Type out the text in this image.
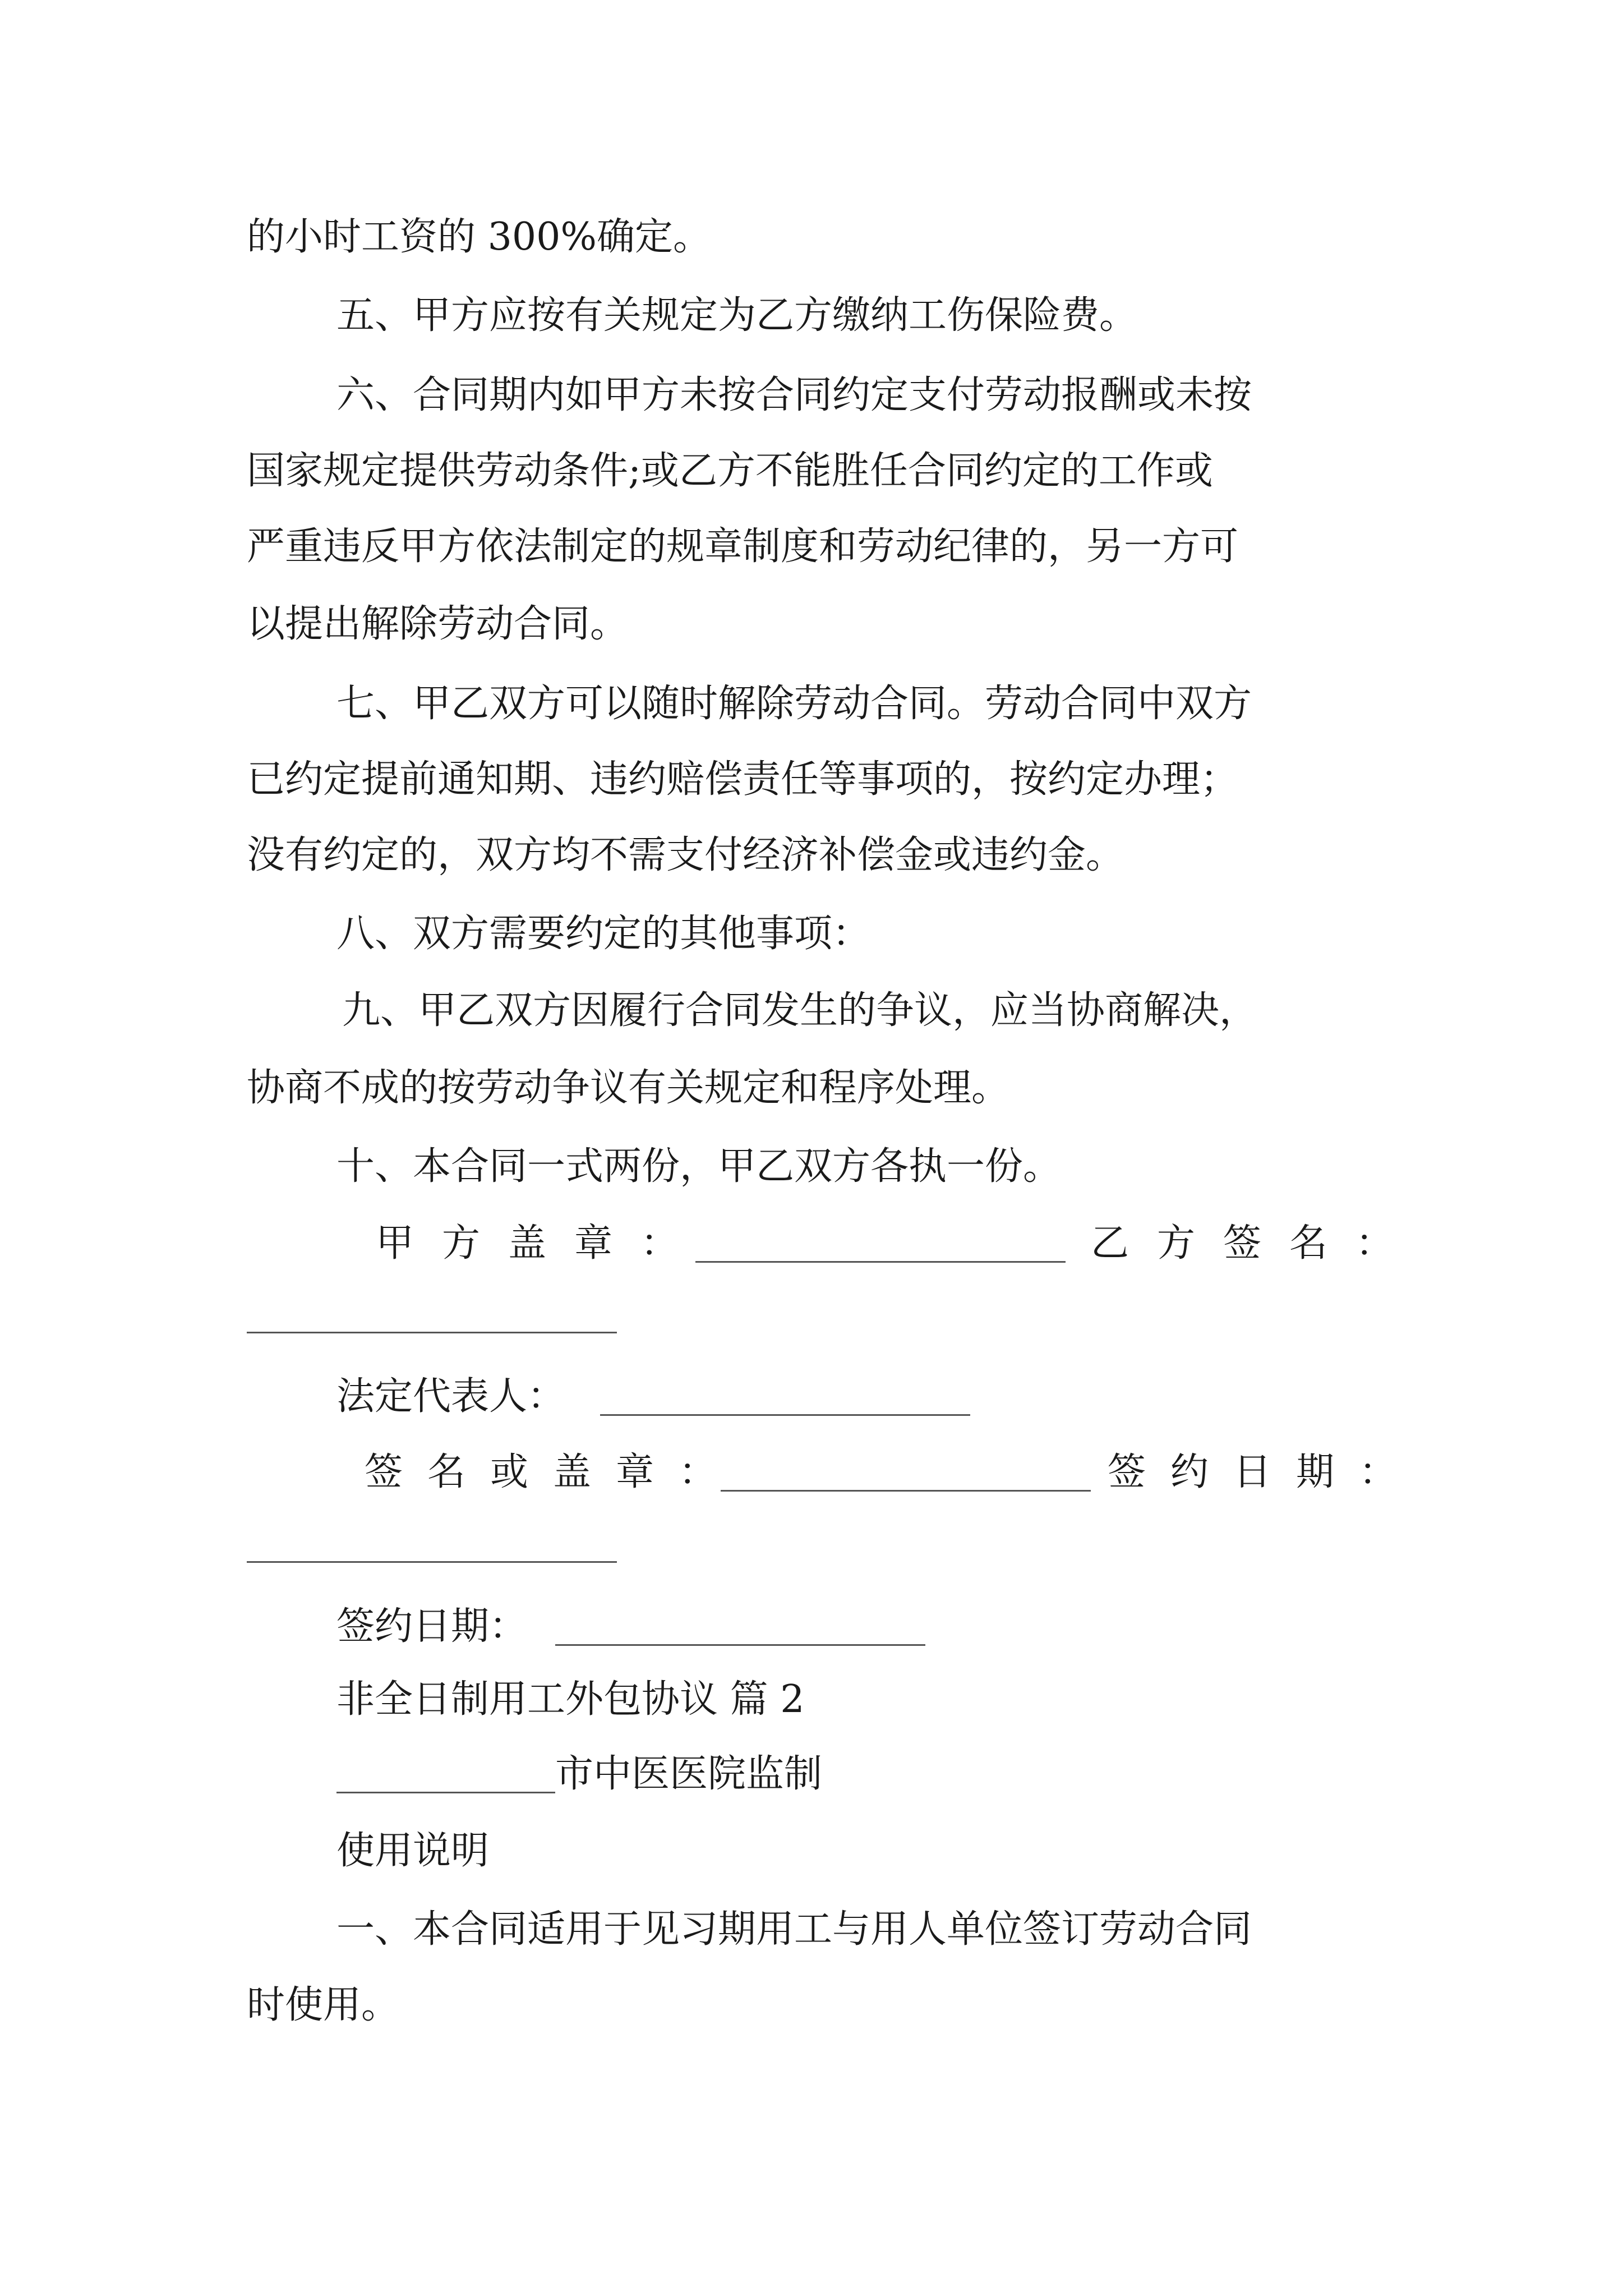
的小时工资的 300%确定。
五、甲方应按有关规定为乙方缴纳工伤保险费。
六、合同期内如甲方未按合同约定支付劳动报酬或未按
国家规定提供劳动条件;或乙方不能胜任合同约定的工作或
严重违反甲方依法制定的规章制度和劳动纪律的，另一方可
以提出解除劳动合同。
七、甲乙双方可以随时解除劳动合同。劳动合同中双方
已约定提前通知期、违约赔偿责任等事项的，按约定办理；
没有约定的，双方均不需支付经济补偿金或违约金。
八、双方需要约定的其他事项：
九、甲乙双方因履行合同发生的争议，应当协商解决，
协商不成的按劳动争议有关规定和程序处理。
十、本合同一式两份，甲乙双方各执一份。
甲方盖章：	乙方签名：
法定代表人：
签名或盖章：	签约日期：
签约日期：
非全日制用工外包协议 篇 2
市中医医院监制
使用说明
一、本合同适用于见习期用工与用人单位签订劳动合同
时使用。
